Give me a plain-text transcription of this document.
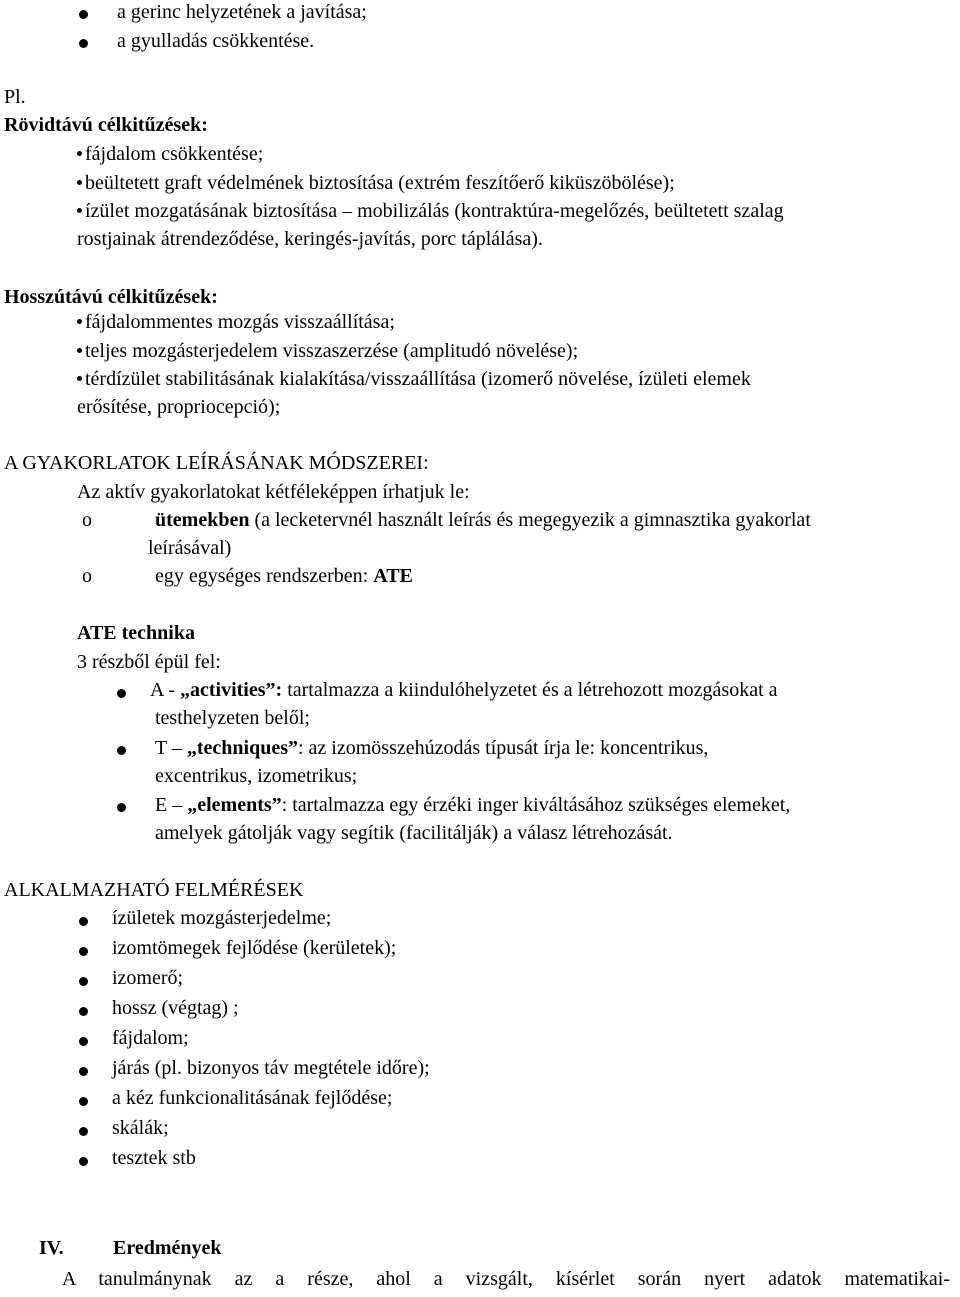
a gerinc helyzetének a javítása;
a gyulladás csökkentése.
Pl.
Rövidtávú célkitűzések:
fájdalom csökkentése;
beültetett graft védelmének biztosítása (extrém feszítőerő kiküszöbölése);
ízület mozgatásának biztosítása – mobilizálás (kontraktúra-megelőzés, beültetett szalag
rostjainak átrendeződése, keringés-javítás, porc táplálása).
Hosszútávú célkitűzések:
fájdalommentes mozgás visszaállítása;
teljes mozgásterjedelem visszaszerzése (amplitudó növelése);
térdízület stabilitásának kialakítása/visszaállítása (izomerő növelése, ízületi elemek
erősítése, propriocepció);
A GYAKORLATOK LEÍRÁSÁNAK MÓDSZEREI:
Az aktív gyakorlatokat kétféleképpen írhatjuk le:
o	ütemekben (a lecketervnél használt leírás és megegyezik a gimnasztika gyakorlat
leírásával)
o	egy egységes rendszerben: ATE
ATE technika
3 részből épül fel:
A - „activities”: tartalmazza a kiindulóhelyzetet és a létrehozott mozgásokat a
testhelyzeten belől;
T – „techniques”: az izomösszehúzodás típusát írja le: koncentrikus,
excentrikus, izometrikus;
E – „elements”: tartalmazza egy érzéki inger kiváltásához szükséges elemeket,
amelyek gátolják vagy segítik (facilitálják) a válasz létrehozását.
ALKALMAZHATÓ FELMÉRÉSEK
ízületek mozgásterjedelme;
izomtömegek fejlődése (kerületek);
izomerő;
hossz (végtag) ;
fájdalom;
járás (pl. bizonyos táv megtétele időre);
a kéz funkcionalitásának fejlődése;
skálák;
tesztek stb
IV. Eredmények
A tanulmánynak az a része, ahol a vizsgált, kísérlet során nyert adatok matematikai-
